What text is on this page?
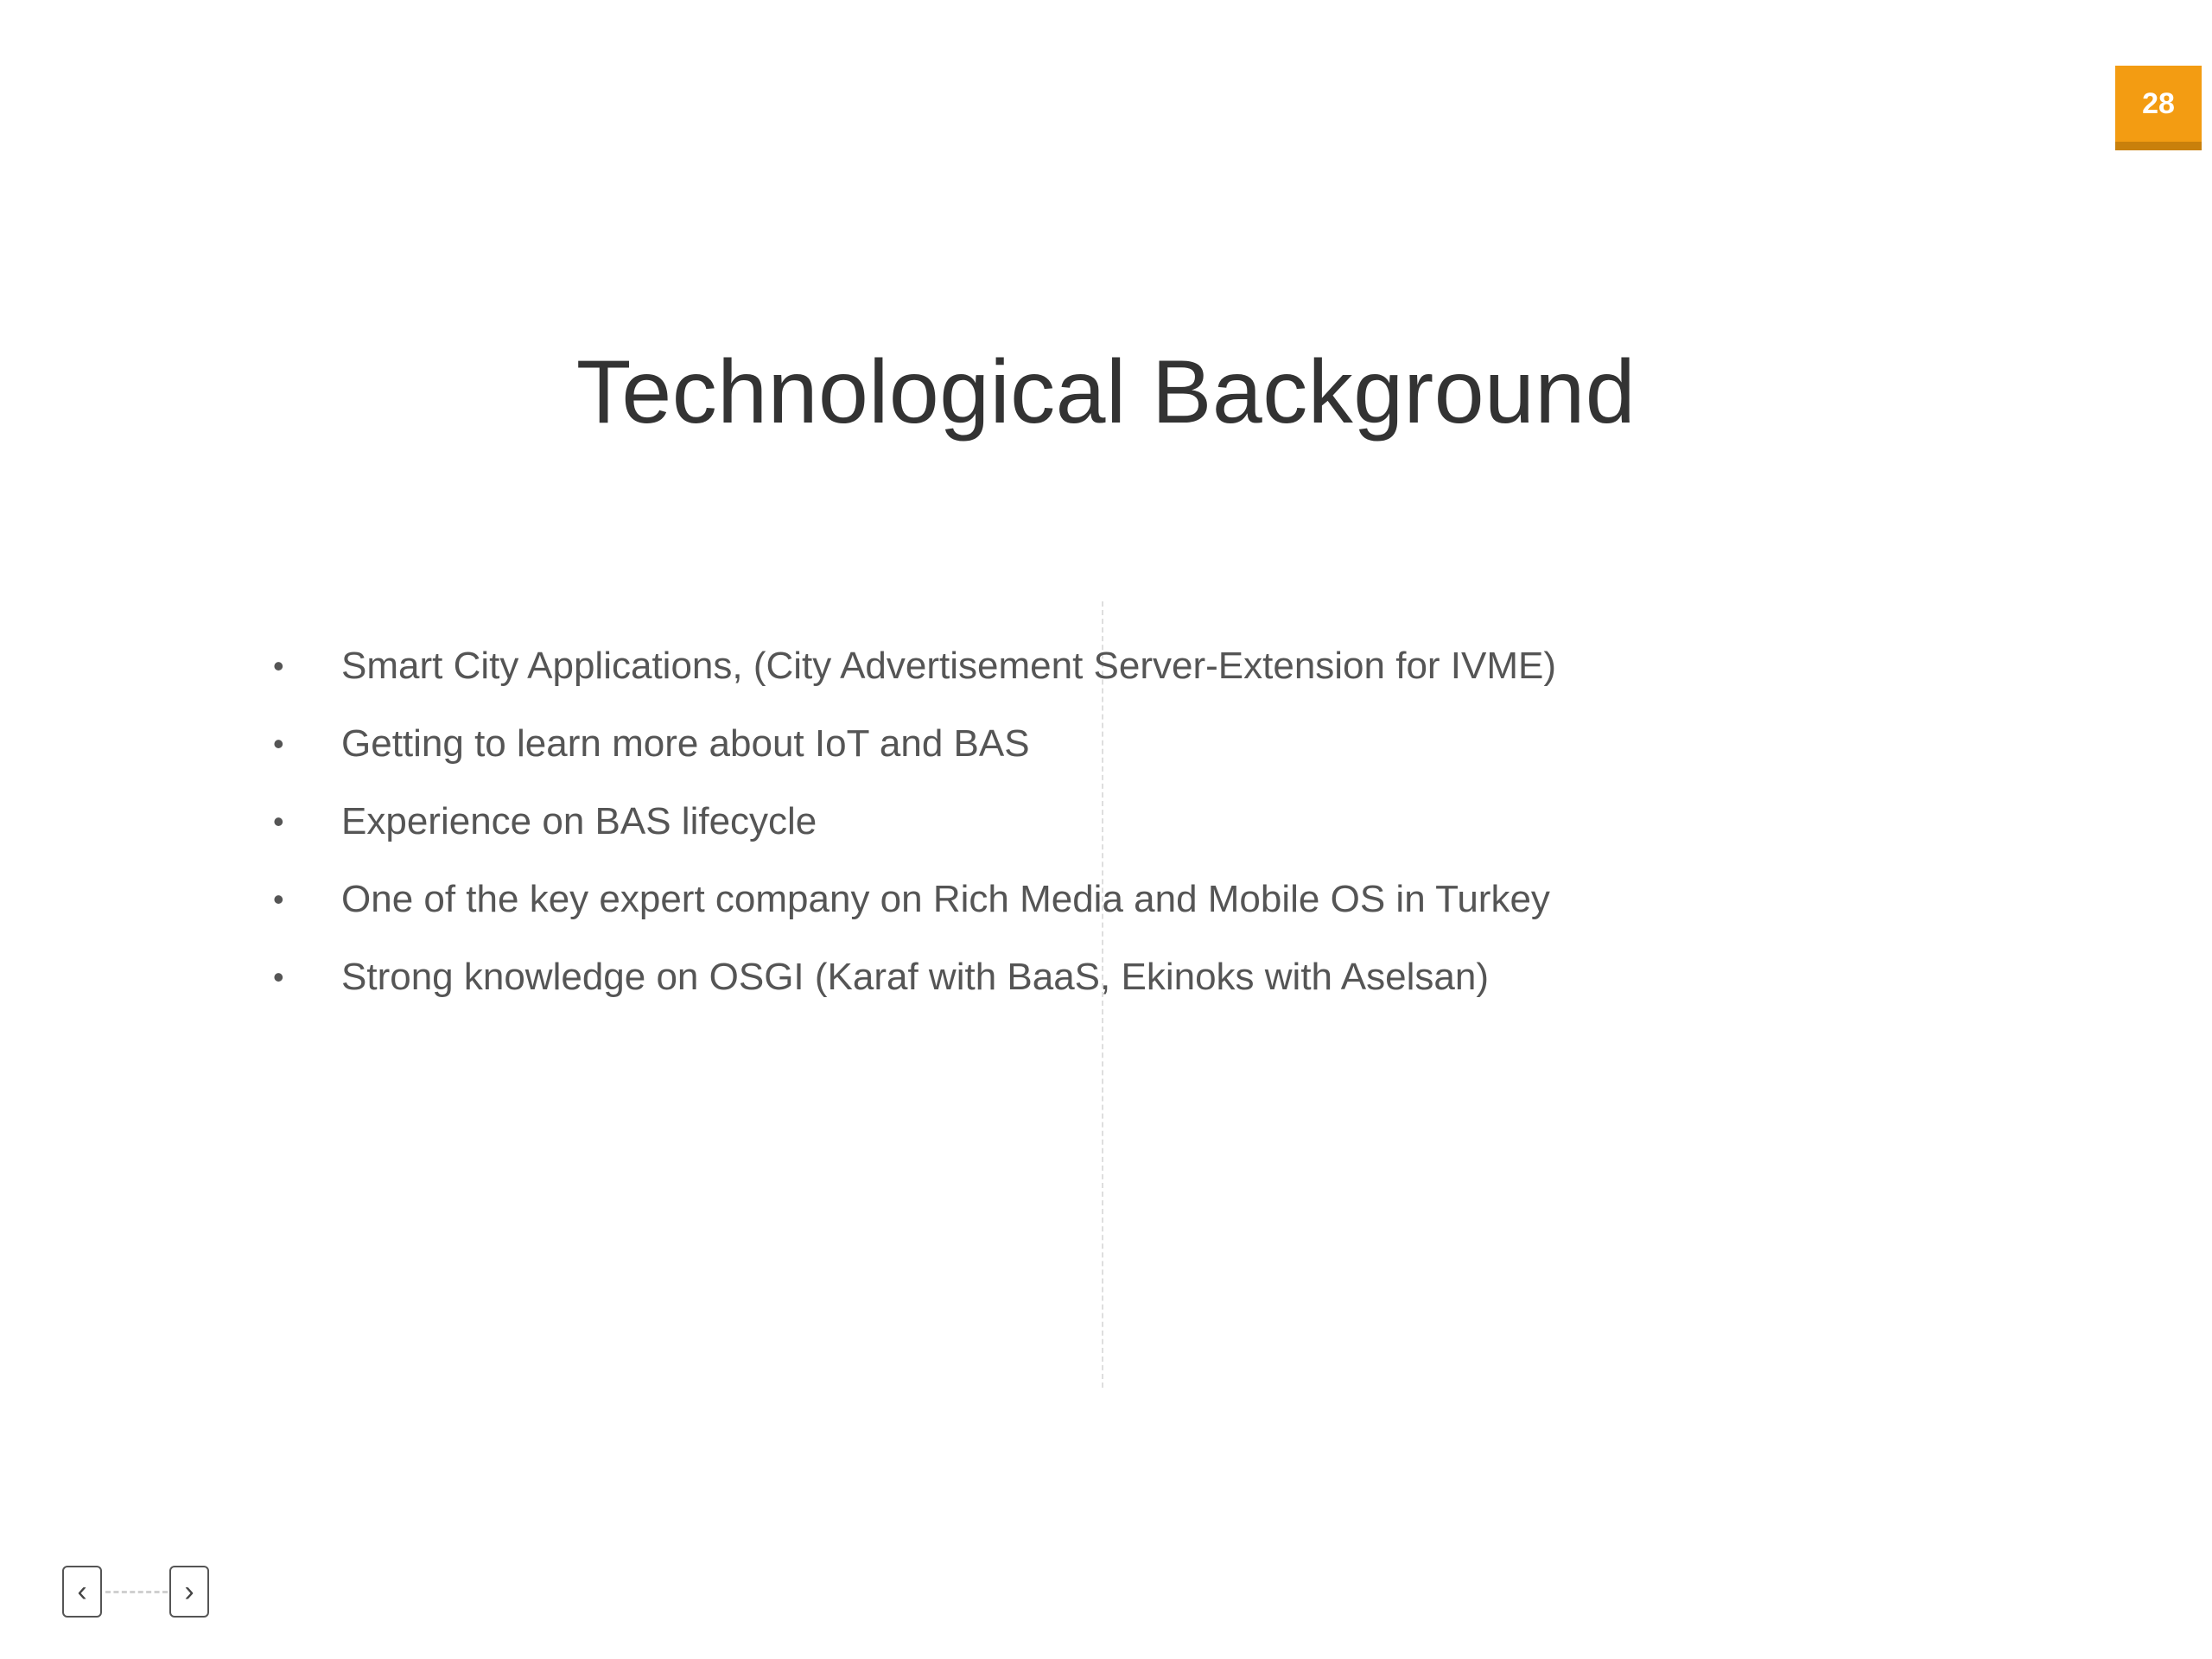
28
Technological Background
• Smart City Applications, (City Advertisement Server-Extension for IVME)
• Getting to learn more about IoT and BAS
• Experience on BAS lifecycle
• One of the key expert company on Rich Media and Mobile OS in Turkey
• Strong knowledge on OSGI (Karaf with BaaS, Ekinoks with Aselsan)
‹	›
